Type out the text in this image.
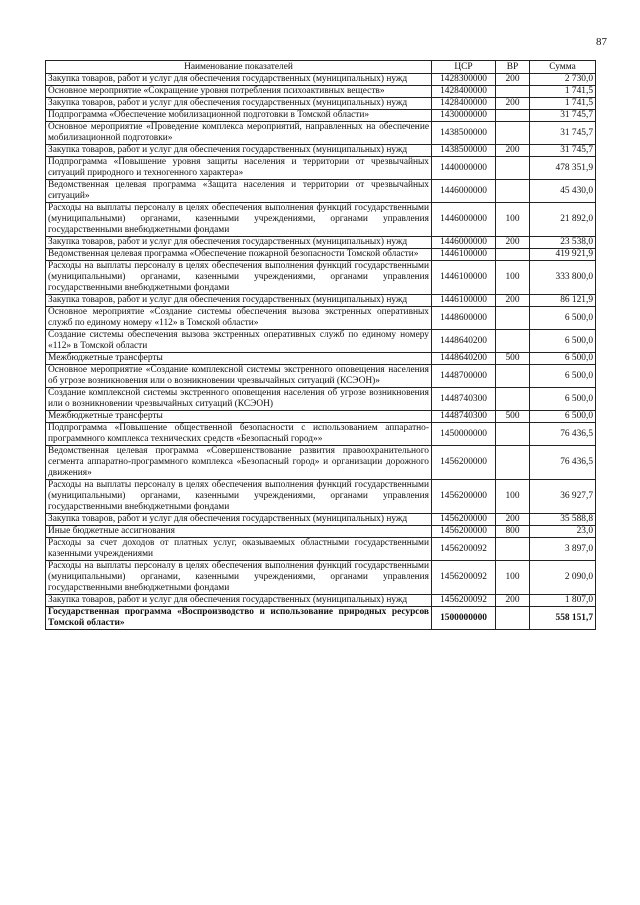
87
Наименование показателей	ЦСР	ВР	Сумма
Закупка товаров, работ и услуг для обеспечения государственных (муниципальных) нужд	1428300000	200	2 730,0
Основное мероприятие «Сокращение уровня потребления психоактивных веществ»	1428400000		1 741,5
Закупка товаров, работ и услуг для обеспечения государственных (муниципальных) нужд	1428400000	200	1 741,5
Подпрограмма «Обеспечение мобилизационной подготовки в Томской области»	1430000000		31 745,7
Основное мероприятие «Проведение комплекса мероприятий, направленных на обеспечение мобилизационной подготовки»	1438500000		31 745,7
Закупка товаров, работ и услуг для обеспечения государственных (муниципальных) нужд	1438500000	200	31 745,7
Подпрограмма «Повышение уровня защиты населения и территории от чрезвычайных ситуаций природного и техногенного характера»	1440000000		478 351,9
Ведомственная целевая программа «Защита населения и территории от чрезвычайных ситуаций»	1446000000		45 430,0
Расходы на выплаты персоналу в целях обеспечения выполнения функций государственными (муниципальными) органами, казенными учреждениями, органами управления государственными внебюджетными фондами	1446000000	100	21 892,0
Закупка товаров, работ и услуг для обеспечения государственных (муниципальных) нужд	1446000000	200	23 538,0
Ведомственная целевая программа «Обеспечение пожарной безопасности Томской области»	1446100000		419 921,9
Расходы на выплаты персоналу в целях обеспечения выполнения функций государственными (муниципальными) органами, казенными учреждениями, органами управления государственными внебюджетными фондами	1446100000	100	333 800,0
Закупка товаров, работ и услуг для обеспечения государственных (муниципальных) нужд	1446100000	200	86 121,9
Основное мероприятие «Создание системы обеспечения вызова экстренных оперативных служб по единому номеру «112» в Томской области»	1448600000		6 500,0
Создание системы обеспечения вызова экстренных оперативных служб по единому номеру «112» в Томской области	1448640200		6 500,0
Межбюджетные трансферты	1448640200	500	6 500,0
Основное мероприятие «Создание комплексной системы экстренного оповещения населения об угрозе возникновения или о возникновении чрезвычайных ситуаций (КСЭОН)»	1448700000		6 500,0
Создание комплексной системы экстренного оповещения населения об угрозе возникновения или о возникновении чрезвычайных ситуаций (КСЭОН)	1448740300		6 500,0
Межбюджетные трансферты	1448740300	500	6 500,0
Подпрограмма «Повышение общественной безопасности с использованием аппаратно-программного комплекса технических средств «Безопасный город»»	1450000000		76 436,5
Ведомственная целевая программа «Совершенствование развития правоохранительного сегмента аппаратно-программного комплекса «Безопасный город» и организации дорожного движения»	1456200000		76 436,5
Расходы на выплаты персоналу в целях обеспечения выполнения функций государственными (муниципальными) органами, казенными учреждениями, органами управления государственными внебюджетными фондами	1456200000	100	36 927,7
Закупка товаров, работ и услуг для обеспечения государственных (муниципальных) нужд	1456200000	200	35 588,8
Иные бюджетные ассигнования	1456200000	800	23,0
Расходы за счет доходов от платных услуг, оказываемых областными государственными казенными учреждениями	1456200092		3 897,0
Расходы на выплаты персоналу в целях обеспечения выполнения функций государственными (муниципальными) органами, казенными учреждениями, органами управления государственными внебюджетными фондами	1456200092	100	2 090,0
Закупка товаров, работ и услуг для обеспечения государственных (муниципальных) нужд	1456200092	200	1 807,0
Государственная программа «Воспроизводство и использование природных ресурсов Томской области»	1500000000		558 151,7
